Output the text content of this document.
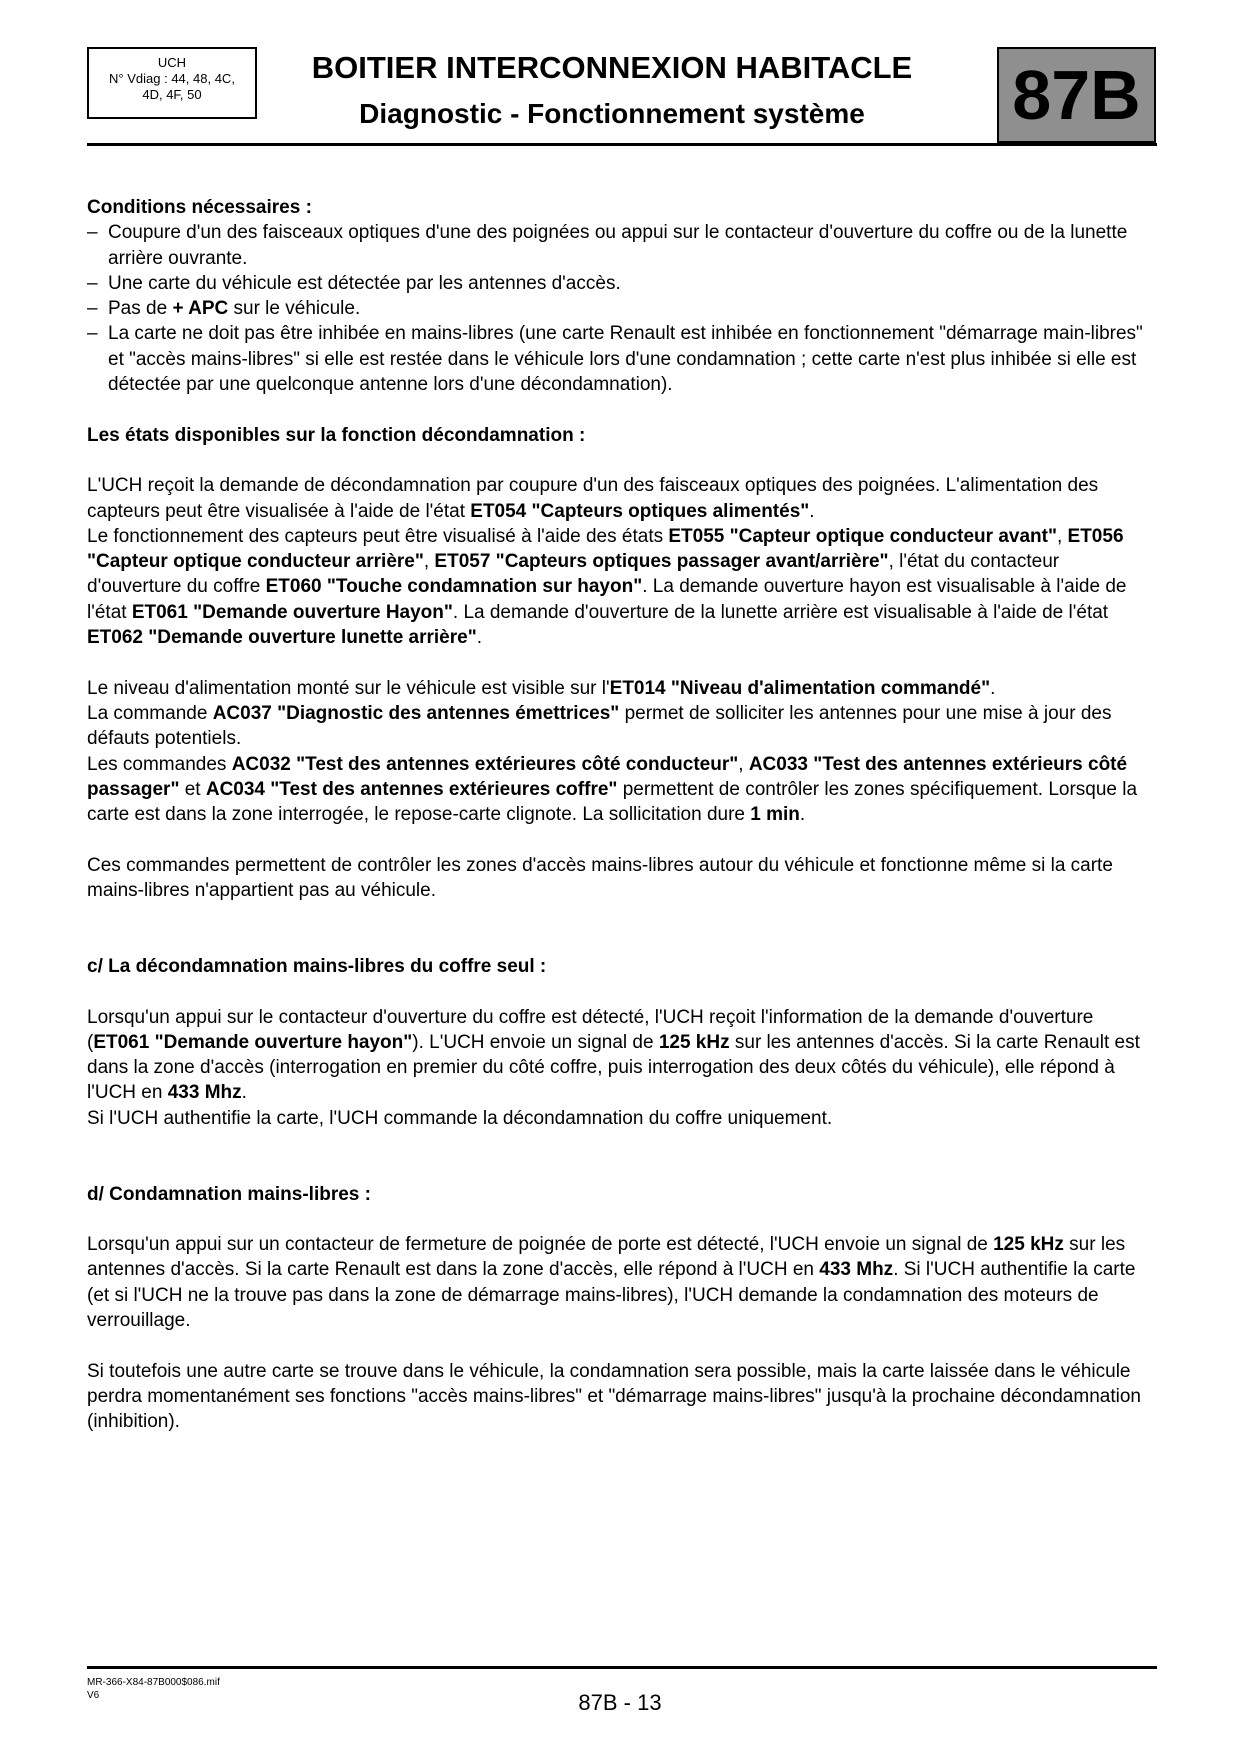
UCH
N° Vdiag : 44, 48, 4C,
4D, 4F, 50
BOITIER INTERCONNEXION HABITACLE
Diagnostic - Fonctionnement système	87B

Conditions nécessaires :

– Coupure d'un des faisceaux optiques d'une des poignées ou appui sur le contacteur d'ouverture du coffre ou de la lunette arrière ouvrante.
– Une carte du véhicule est détectée par les antennes d'accès.
– Pas de + APC sur le véhicule.
– La carte ne doit pas être inhibée en mains-libres (une carte Renault est inhibée en fonctionnement "démarrage main-libres" et "accès mains-libres" si elle est restée dans le véhicule lors d'une condamnation ; cette carte n'est plus inhibée si elle est détectée par une quelconque antenne lors d'une décondamnation).

Les états disponibles sur la fonction décondamnation :

L'UCH reçoit la demande de décondamnation par coupure d'un des faisceaux optiques des poignées. L'alimentation des capteurs peut être visualisée à l'aide de l'état ET054 "Capteurs optiques alimentés".
Le fonctionnement des capteurs peut être visualisé à l'aide des états ET055 "Capteur optique conducteur avant", ET056 "Capteur optique conducteur arrière", ET057 "Capteurs optiques passager avant/arrière", l'état du contacteur d'ouverture du coffre ET060 "Touche condamnation sur hayon". La demande ouverture hayon est visualisable à l'aide de l'état ET061 "Demande ouverture Hayon". La demande d'ouverture de la lunette arrière est visualisable à l'aide de l'état ET062 "Demande ouverture lunette arrière".

Le niveau d'alimentation monté sur le véhicule est visible sur l'ET014 "Niveau d'alimentation commandé".
La commande AC037 "Diagnostic des antennes émettrices" permet de solliciter les antennes pour une mise à jour des défauts potentiels.
Les commandes AC032 "Test des antennes extérieures côté conducteur", AC033 "Test des antennes extérieurs côté passager" et AC034 "Test des antennes extérieures coffre" permettent de contrôler les zones spécifiquement. Lorsque la carte est dans la zone interrogée, le repose-carte clignote. La sollicitation dure 1 min.

Ces commandes permettent de contrôler les zones d'accès mains-libres autour du véhicule et fonctionne même si la carte mains-libres n'appartient pas au véhicule.

c/ La décondamnation mains-libres du coffre seul :

Lorsqu'un appui sur le contacteur d'ouverture du coffre est détecté, l'UCH reçoit l'information de la demande d'ouverture (ET061 "Demande ouverture hayon"). L'UCH envoie un signal de 125 kHz sur les antennes d'accès. Si la carte Renault est dans la zone d'accès (interrogation en premier du côté coffre, puis interrogation des deux côtés du véhicule), elle répond à l'UCH en 433 Mhz.
Si l'UCH authentifie la carte, l'UCH commande la décondamnation du coffre uniquement.

d/ Condamnation mains-libres :

Lorsqu'un appui sur un contacteur de fermeture de poignée de porte est détecté, l'UCH envoie un signal de 125 kHz sur les antennes d'accès. Si la carte Renault est dans la zone d'accès, elle répond à l'UCH en 433 Mhz. Si l'UCH authentifie la carte (et si l'UCH ne la trouve pas dans la zone de démarrage mains-libres), l'UCH demande la condamnation des moteurs de verrouillage.

Si toutefois une autre carte se trouve dans le véhicule, la condamnation sera possible, mais la carte laissée dans le véhicule perdra momentanément ses fonctions "accès mains-libres" et "démarrage mains-libres" jusqu'à la prochaine décondamnation (inhibition).

MR-366-X84-87B000$086.mif
V6	87B - 13
